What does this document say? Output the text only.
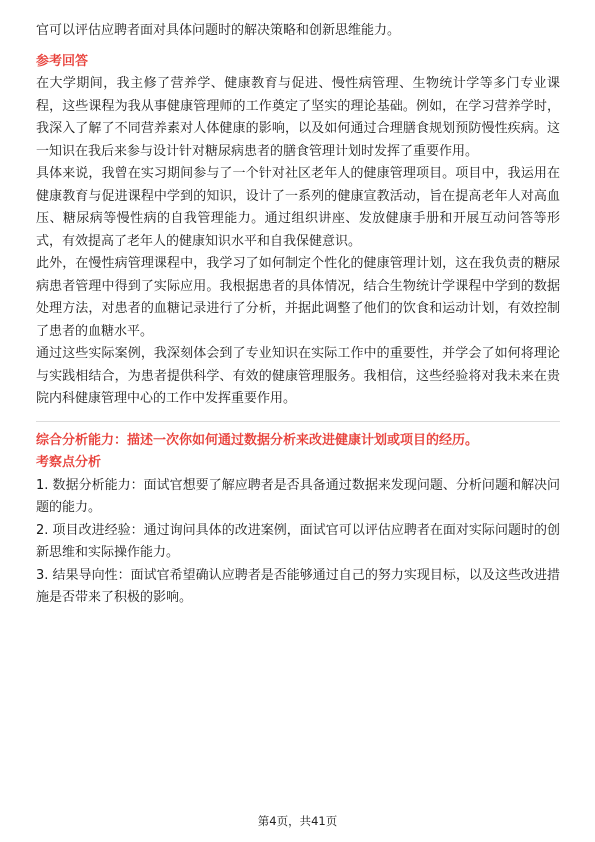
官可以评估应聘者面对具体问题时的解决策略和创新思维能力。

参考回答

在大学期间，我主修了营养学、健康教育与促进、慢性病管理、生物统计学等多门专业课程，这些课程为我从事健康管理师的工作奠定了坚实的理论基础。例如，在学习营养学时，我深入了解了不同营养素对人体健康的影响，以及如何通过合理膳食规划预防慢性疾病。这一知识在我后来参与设计针对糖尿病患者的膳食管理计划时发挥了重要作用。

具体来说，我曾在实习期间参与了一个针对社区老年人的健康管理项目。项目中，我运用在健康教育与促进课程中学到的知识，设计了一系列的健康宣教活动，旨在提高老年人对高血压、糖尿病等慢性病的自我管理能力。通过组织讲座、发放健康手册和开展互动问答等形式，有效提高了老年人的健康知识水平和自我保健意识。

此外，在慢性病管理课程中，我学习了如何制定个性化的健康管理计划，这在我负责的糖尿病患者管理中得到了实际应用。我根据患者的具体情况，结合生物统计学课程中学到的数据处理方法，对患者的血糖记录进行了分析，并据此调整了他们的饮食和运动计划，有效控制了患者的血糖水平。

通过这些实际案例，我深刻体会到了专业知识在实际工作中的重要性，并学会了如何将理论与实践相结合，为患者提供科学、有效的健康管理服务。我相信，这些经验将对我未来在贵院内科健康管理中心的工作中发挥重要作用。

综合分析能力：描述一次你如何通过数据分析来改进健康计划或项目的经历。
考察点分析

1. 数据分析能力：面试官想要了解应聘者是否具备通过数据来发现问题、分析问题和解决问题的能力。

2. 项目改进经验：通过询问具体的改进案例，面试官可以评估应聘者在面对实际问题时的创新思维和实际操作能力。

3. 结果导向性：面试官希望确认应聘者是否能够通过自己的努力实现目标，以及这些改进措施是否带来了积极的影响。

第4页，共41页
